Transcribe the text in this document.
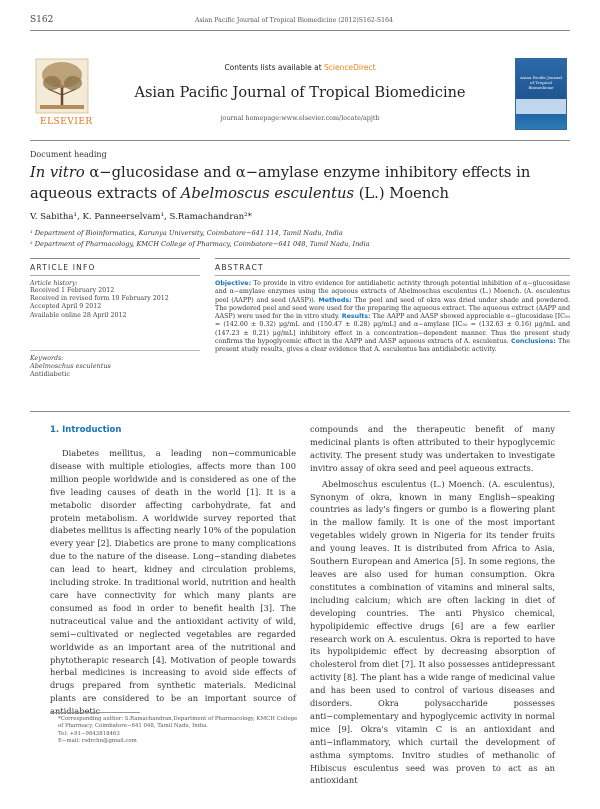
S162	Asian Pacific Journal of Tropical Biomedicine (2012)S162-S164
ELSEVIER
Contents lists available at ScienceDirect
Asian Pacific Journal of Tropical Biomedicine
journal homepage:www.elsevier.com/locate/apjtb
Asian Pacific Journal of Tropical Biomedicine
Document heading
In vitro α−glucosidase and α−amylase enzyme inhibitory effects in aqueous extracts of Abelmoscus esculentus (L.) Moench
V. Sabitha¹, K. Panneerselvam¹, S.Ramachandran²*
¹ Department of Bioinformatics, Karunya University, Coimbatore−641 114, Tamil Nadu, India
² Department of Pharmacology, KMCH College of Pharmacy, Coimbatore−641 048, Tamil Nadu, India
ARTICLE INFO
Article history:
Received 1 February 2012
Received in revised form 10 February 2012
Accepted April 9 2012
Available online 28 April 2012
Keywords:
Abelmoschus esculentus
Antidiabetic
ABSTRACT
Objective: To provide in vitro evidence for antidiabetic activity through potential inhibition of α−glucosidase and α−amylase enzymes using the aqueous extracts of Abelmoschus esculentus (L.) Moench. (A. esculentus peel (AAPP) and seed (AASP)). Methods: The peel and seed of okra was dried under shade and powdered. The powdered peel and seed were used for the preparing the aqueous extract. The aqueous extract (AAPP and AASP) were used for the in vitro study. Results: The AAPP and AASP showed appreciable α−glucosidase [IC₅₀ = (142.60 ± 0.32) μg/mL and (150.47 ± 0.28) μg/mL] and α−amylase [IC₅₀ = (132.63 ± 0.16) μg/mL and (147.23 ± 0.21) μg/mL] inhibitory effect in a concentration−dependent manner. Thus the present study confirms the hypoglycemic effect in the AAPP and AASP aqueous extracts of A. esculentus. Conclusions: The present study results, gives a clear evidence that A. esculentus has antidiabetic activity.
1. Introduction

Diabetes mellitus, a leading non−communicable disease with multiple etiologies, affects more than 100 million people worldwide and is considered as one of the five leading causes of death in the world [1]. It is a metabolic disorder affecting carbohydrate, fat and protein metabolism. A worldwide survey reported that diabetes mellitus is affecting nearly 10% of the population every year [2]. Diabetics are prone to many complications due to the nature of the disease. Long−standing diabetes can lead to heart, kidney and circulation problems, including stroke. In traditional world, nutrition and health care have connectivity for which many plants are consumed as food in order to benefit health [3]. The nutraceutical value and the antioxidant activity of wild, semi−cultivated or neglected vegetables are regarded worldwide as an important area of the nutritional and phytotherapic research [4]. Motivation of people towards herbal medicines is increasing to avoid side effects of drugs prepared from synthetic materials. Medicinal plants are considered to be an important source of

compounds and the therapeutic benefit of many medicinal plants is often attributed to their hypoglycemic activity. The present study was undertaken to investigate invitro assay of okra seed and peel aqueous extracts.

Abelmoschus esculentus (L.) Moench. (A. esculentus), Synonym of okra, known in many English−speaking countries as lady's fingers or gumbo is a flowering plant in the mallow family. It is one of the most important vegetables widely grown in Nigeria for its tender fruits and young leaves. It is distributed from Africa to Asia, Southern European and America [5]. In some regions, the leaves are also used for human consumption. Okra constitutes a combination of vitamins and mineral salts, including calcium; which are often lacking in diet of developing countries. The anti Physico chemical, hypolipidemic effective drugs [6] are a few earlier research work on A. esculentus. Okra is reported to have its hypolipidemic effect by decreasing absorption of cholesterol from diet [7]. It also possesses antidepressant activity [8]. The plant has a wide range of medicinal value and has been used to control of various diseases and disorders. Okra polysaccharide possesses anti−complementary and hypoglycemic activity in normal mice [9]. Okra's vitamin C is an antioxidant and anti−inflammatory, which curtail the development of asthma symptoms. Invitro studies of methanolic of Hibiscus esculentus seed was proven to act as an antioxidant

*Corresponding author: S.Ramachandran,Department of Pharmacology, KMCH College of Pharmacy, Coimbatore−641 048, Tamil Nadu, India.
Tel: +91−9843818463
E−mail: rsdrchn@gmail.com
